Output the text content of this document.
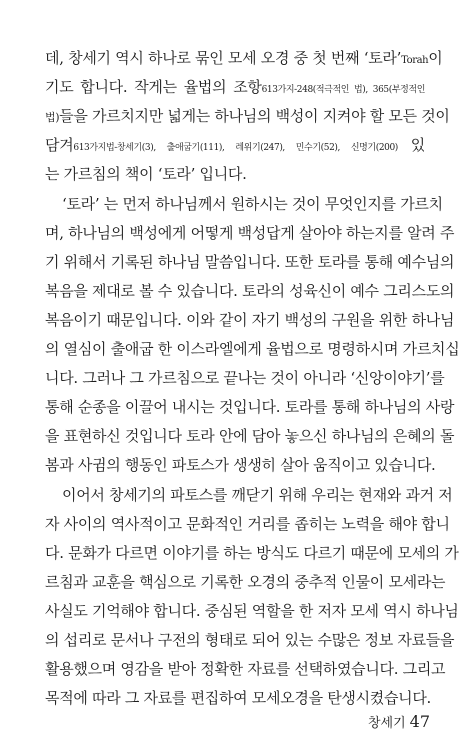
데, 창세기 역시 하나로 묶인 모세 오경 중 첫 번째 ‘토라’Torah이
기도 합니다. 작게는 율법의 조항613가지-248(적극적인 법), 365(부정적인
법)들을 가르치지만 넓게는 하나님의 백성이 지켜야 할 모든 것이
담겨613가지법-창세기(3), 출애굽기(111), 레위기(247), 민수기(52), 신명기(200) 있
는 가르침의 책이 ‘토라’ 입니다.
‘토라’ 는 먼저 하나님께서 원하시는 것이 무엇인지를 가르치
며, 하나님의 백성에게 어떻게 백성답게 살아야 하는지를 알려 주
기 위해서 기록된 하나님 말씀입니다. 또한 토라를 통해 예수님의
복음을 제대로 볼 수 있습니다. 토라의 성육신이 예수 그리스도의
복음이기 때문입니다. 이와 같이 자기 백성의 구원을 위한 하나님
의 열심이 출애굽 한 이스라엘에게 율법으로 명령하시며 가르치십
니다. 그러나 그 가르침으로 끝나는 것이 아니라 ‘신앙이야기’를
통해 순종을 이끌어 내시는 것입니다. 토라를 통해 하나님의 사랑
을 표현하신 것입니다 토라 안에 담아 놓으신 하나님의 은혜의 돌
봄과 사귐의 행동인 파토스가 생생히 살아 움직이고 있습니다.
이어서 창세기의 파토스를 깨닫기 위해 우리는 현재와 과거 저
자 사이의 역사적이고 문화적인 거리를 좁히는 노력을 해야 합니
다. 문화가 다르면 이야기를 하는 방식도 다르기 때문에 모세의 가
르침과 교훈을 핵심으로 기록한 오경의 중추적 인물이 모세라는
사실도 기억해야 합니다. 중심된 역할을 한 저자 모세 역시 하나님
의 섭리로 문서나 구전의 형태로 되어 있는 수많은 정보 자료들을
활용했으며 영감을 받아 정확한 자료를 선택하였습니다. 그리고
목적에 따라 그 자료를 편집하여 모세오경을 탄생시켰습니다.
창세기 47
